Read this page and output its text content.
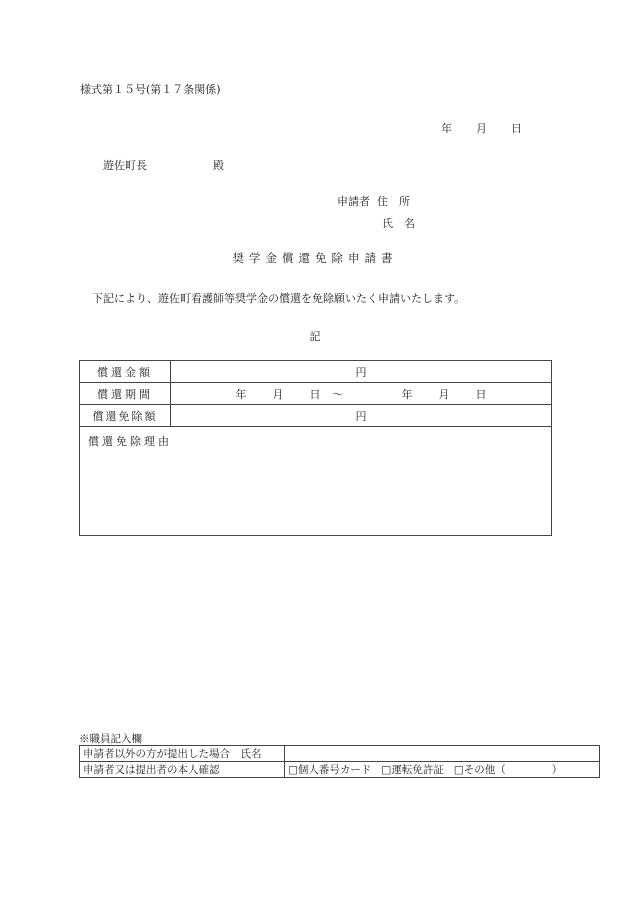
様式第１５号(第１７条関係)
年 月 日
遊佐町長	殿
申請者 住　所
氏　名
奨学金償還免除申請書
下記により、遊佐町看護師等奨学金の償還を免除願いたく申請いたします。
記
償還金額	円
償還期間	年 月 日 〜 年 月 日
償還免除額	円
償還免除理由	
※職員記入欄
申請者以外の方が提出した場合　氏名	
申請者又は提出者の本人確認	□個人番号カード □運転免許証 □その他（ ）
